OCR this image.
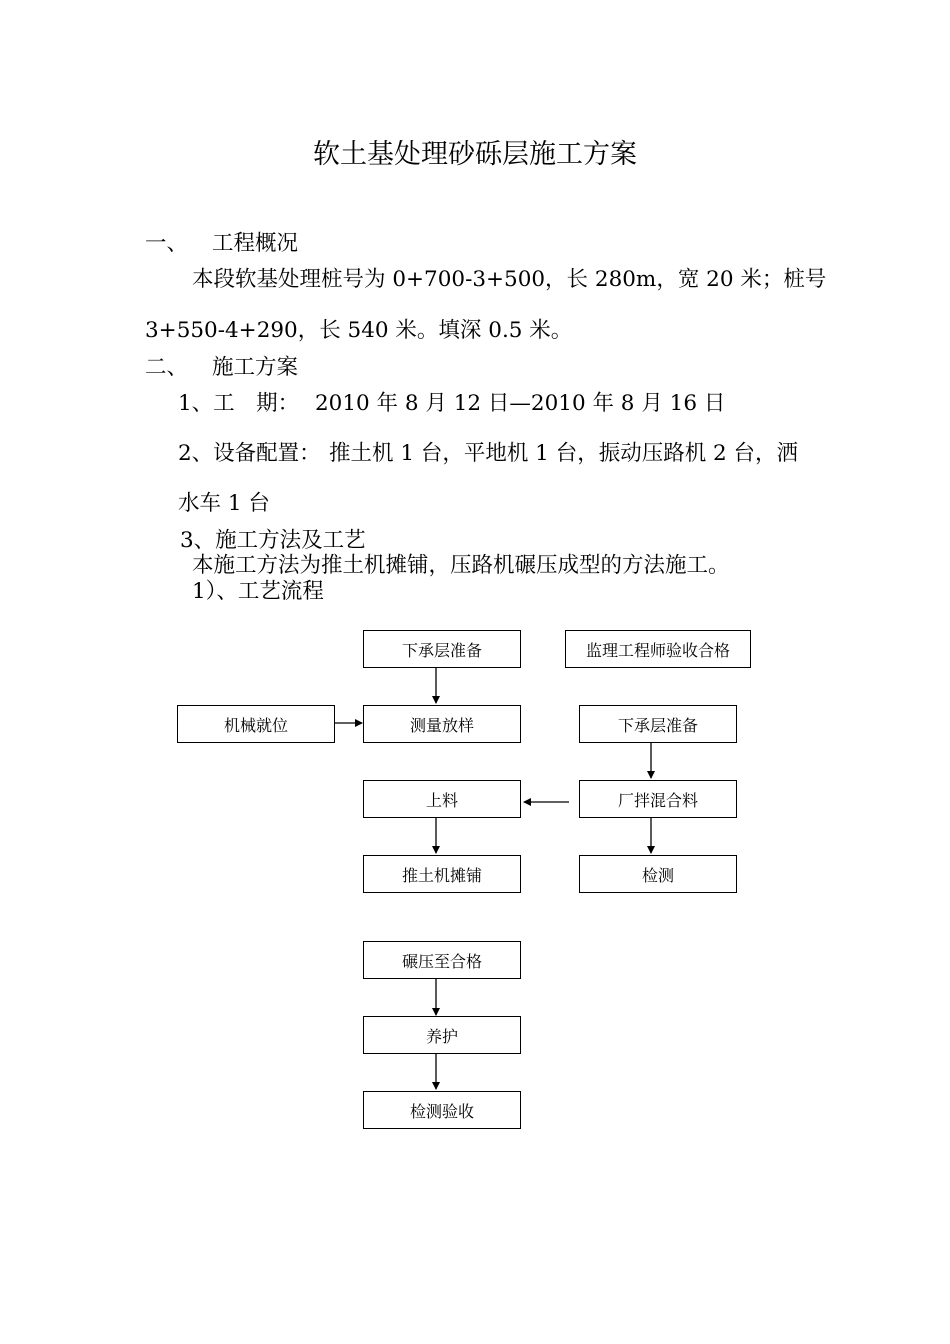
软土基处理砂砾层施工方案
一、 工程概况
本段软基处理桩号为 0+700-3+500，长 280m，宽 20 米；桩号
3+550-4+290，长 540 米。填深 0.5 米。
二、 施工方案
1、工　期： 2010 年 8 月 12 日—2010 年 8 月 16 日
2、设备配置： 推土机 1 台，平地机 1 台，振动压路机 2 台，洒
水车 1 台
3、施工方法及工艺
本施工方法为推土机摊铺，压路机碾压成型的方法施工。
1）、工艺流程
下承层准备	监理工程师验收合格
机械就位	测量放样	下承层准备
上料	厂拌混合料
推土机摊铺	检测
碾压至合格
养护
检测验收
